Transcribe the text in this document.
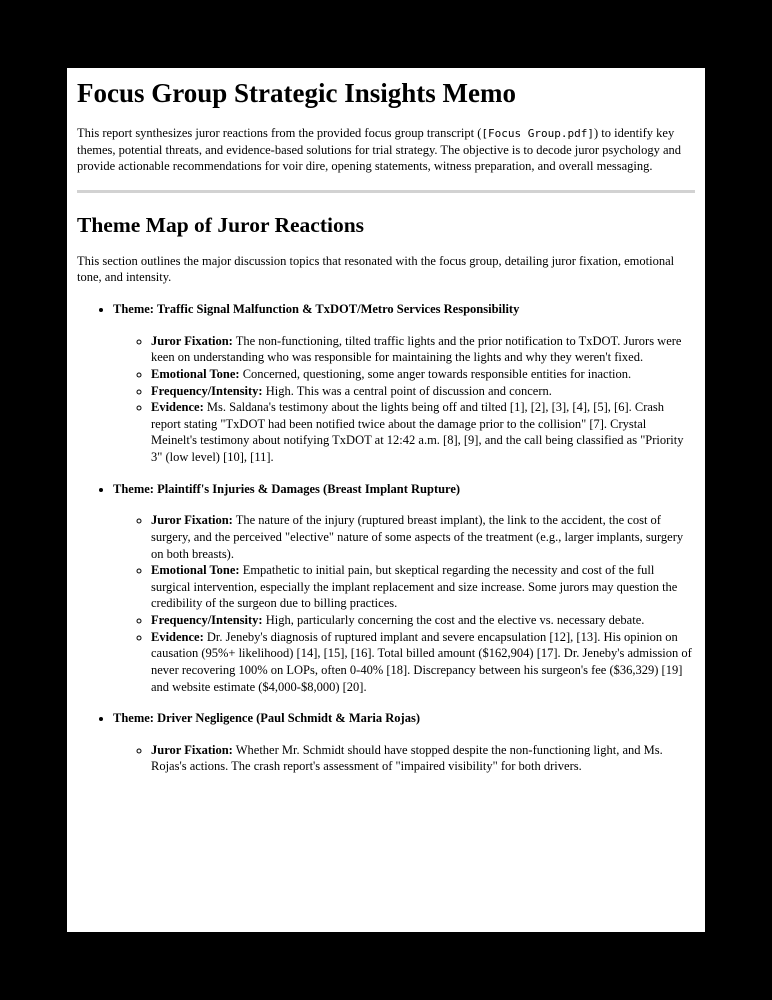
Focus Group Strategic Insights Memo

This report synthesizes juror reactions from the provided focus group transcript ([Focus Group.pdf]) to identify key themes, potential threats, and evidence-based solutions for trial strategy. The objective is to decode juror psychology and provide actionable recommendations for voir dire, opening statements, witness preparation, and overall messaging.

Theme Map of Juror Reactions

This section outlines the major discussion topics that resonated with the focus group, detailing juror fixation, emotional tone, and intensity.

• Theme: Traffic Signal Malfunction & TxDOT/Metro Services Responsibility

◦ Juror Fixation: The non-functioning, tilted traffic lights and the prior notification to TxDOT. Jurors were keen on understanding who was responsible for maintaining the lights and why they weren't fixed.
◦ Emotional Tone: Concerned, questioning, some anger towards responsible entities for inaction.
◦ Frequency/Intensity: High. This was a central point of discussion and concern.
◦ Evidence: Ms. Saldana's testimony about the lights being off and tilted [1], [2], [3], [4], [5], [6]. Crash report stating "TxDOT had been notified twice about the damage prior to the collision" [7]. Crystal Meinelt's testimony about notifying TxDOT at 12:42 a.m. [8], [9], and the call being classified as "Priority 3" (low level) [10], [11].

• Theme: Plaintiff's Injuries & Damages (Breast Implant Rupture)

◦ Juror Fixation: The nature of the injury (ruptured breast implant), the link to the accident, the cost of surgery, and the perceived "elective" nature of some aspects of the treatment (e.g., larger implants, surgery on both breasts).
◦ Emotional Tone: Empathetic to initial pain, but skeptical regarding the necessity and cost of the full surgical intervention, especially the implant replacement and size increase. Some jurors may question the credibility of the surgeon due to billing practices.
◦ Frequency/Intensity: High, particularly concerning the cost and the elective vs. necessary debate.
◦ Evidence: Dr. Jeneby's diagnosis of ruptured implant and severe encapsulation [12], [13]. His opinion on causation (95%+ likelihood) [14], [15], [16]. Total billed amount ($162,904) [17]. Dr. Jeneby's admission of never recovering 100% on LOPs, often 0-40% [18]. Discrepancy between his surgeon's fee ($36,329) [19] and website estimate ($4,000-$8,000) [20].

• Theme: Driver Negligence (Paul Schmidt & Maria Rojas)

◦ Juror Fixation: Whether Mr. Schmidt should have stopped despite the non-functioning light, and Ms. Rojas's actions. The crash report's assessment of "impaired visibility" for both drivers.
